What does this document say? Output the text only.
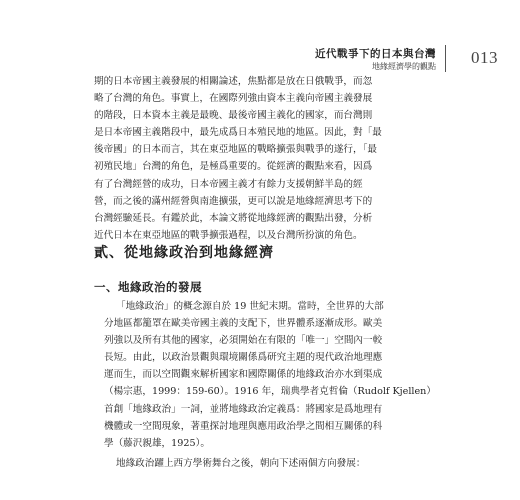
近代戰爭下的日本與台灣
地緣經濟學的觀點 013
期的日本帝國主義發展的相關論述，焦點都是放在日俄戰爭，而忽
略了台灣的角色。事實上，在國際列強由資本主義向帝國主義發展
的階段，日本資本主義是最晚、最後帝國主義化的國家，而台灣則
是日本帝國主義階段中，最先成爲日本殖民地的地區。因此，對「最
後帝國」的日本而言，其在東亞地區的戰略擴張與戰爭的遂行，「最
初殖民地」台灣的角色，是極爲重要的。從經濟的觀點來看，因爲
有了台灣經營的成功，日本帝國主義才有餘力支援朝鮮半島的經
營，而之後的滿州經營與南進擴張，更可以說是地緣經濟思考下的
台灣經驗延長。有鑑於此，本論文將從地緣經濟的觀點出發，分析
近代日本在東亞地區的戰爭擴張過程，以及台灣所扮演的角色。
貳、從地緣政治到地緣經濟
一、地緣政治的發展
「地緣政治」的概念源自於 19 世紀末期。當時，全世界的大部
分地區都籠罩在歐美帝國主義的支配下，世界體系逐漸成形。歐美
列強以及所有其他的國家，必須開始在有限的「唯一」空間內一較
長短。由此，以政治景觀與環境關係爲研究主題的現代政治地理應
運而生，而以空間觀來解析國家和國際關係的地緣政治亦水到渠成
（楊宗惠，1999：159-60）。1916 年，瑞典學者克哲倫（Rudolf Kjellen）
首創「地緣政治」一詞，並將地緣政治定義爲：將國家是爲地理有
機體或一空間現象，著重探討地理與應用政治學之間相互關係的科
學（藤沢親雄，1925）。
地緣政治躍上西方學術舞台之後，朝向下述兩個方向發展：
